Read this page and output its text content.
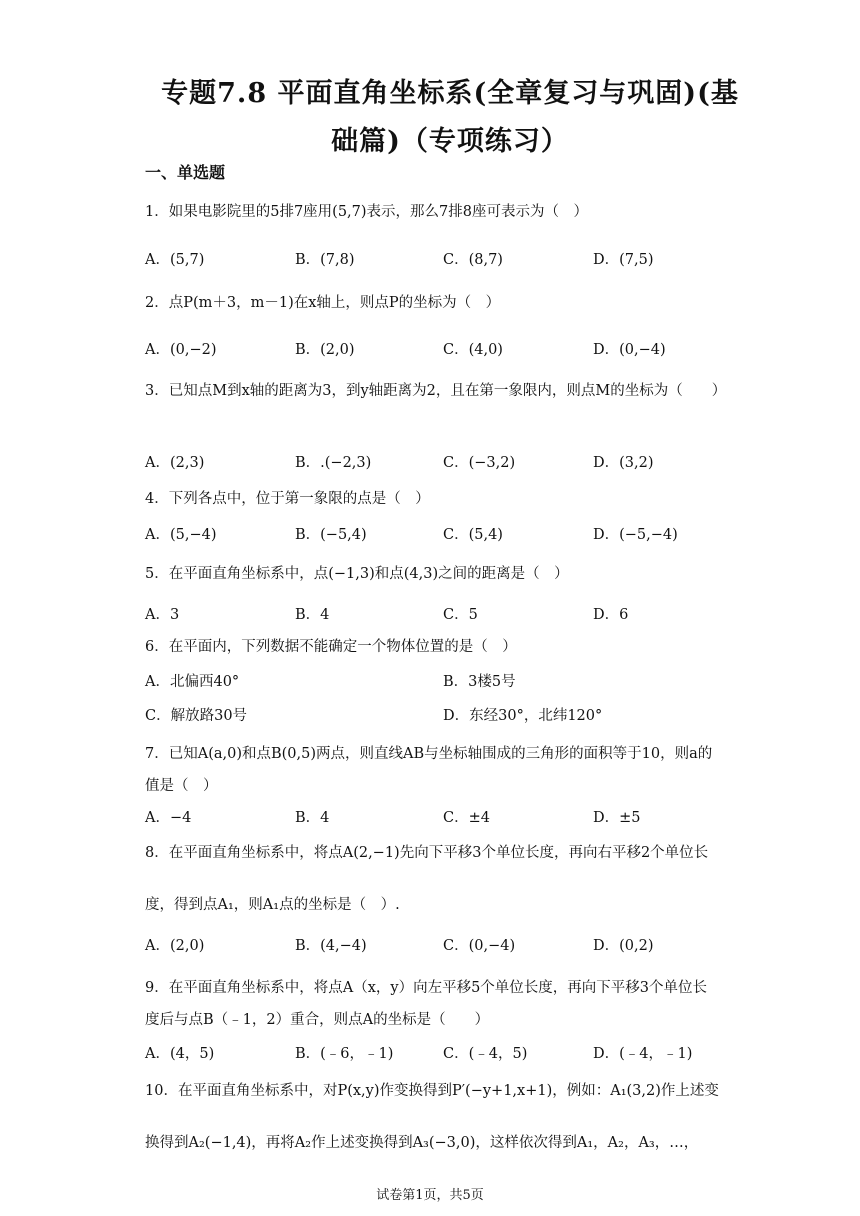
专题7.8 平面直角坐标系(全章复习与巩固)(基
础篇)（专项练习）
一、单选题
1．如果电影院里的5排7座用(5,7)表示，那么7排8座可表示为（　）
A．(5,7)	B．(7,8)	C．(8,7)	D．(7,5)
2．点P(m＋3，m－1)在x轴上，则点P的坐标为（　）
A．(0,−2)	B．(2,0)	C．(4,0)	D．(0,−4)
3．已知点M到x轴的距离为3，到y轴距离为2，且在第一象限内，则点M的坐标为（　　）
A．(2,3)	B．.(−2,3)	C．(−3,2)	D．(3,2)
4．下列各点中，位于第一象限的点是（　）
A．(5,−4)	B．(−5,4)	C．(5,4)	D．(−5,−4)
5．在平面直角坐标系中，点(−1,3)和点(4,3)之间的距离是（　）
A．3	B．4	C．5	D．6
6．在平面内，下列数据不能确定一个物体位置的是（　）
A．北偏西40°	B．3楼5号
C．解放路30号	D．东经30°，北纬120°
7．已知A(a,0)和点B(0,5)两点，则直线AB与坐标轴围成的三角形的面积等于10，则a的值是（　）
A．−4	B．4	C．±4	D．±5
8．在平面直角坐标系中，将点A(2,−1)先向下平移3个单位长度，再向右平移2个单位长度，得到点A₁，则A₁点的坐标是（　）.
A．(2,0)	B．(4,−4)	C．(0,−4)	D．(0,2)
9．在平面直角坐标系中，将点A（x，y）向左平移5个单位长度，再向下平移3个单位长度后与点B（﹣1，2）重合，则点A的坐标是（　　）
A．(4，5)	B．(﹣6，﹣1)	C．(﹣4，5)	D．(﹣4，﹣1)
10．在平面直角坐标系中，对P(x,y)作变换得到P′(−y+1,x+1)，例如：A₁(3,2)作上述变换得到A₂(−1,4)，再将A₂作上述变换得到A₃(−3,0)，这样依次得到A₁，A₂，A₃，…，
试卷第1页，共5页
